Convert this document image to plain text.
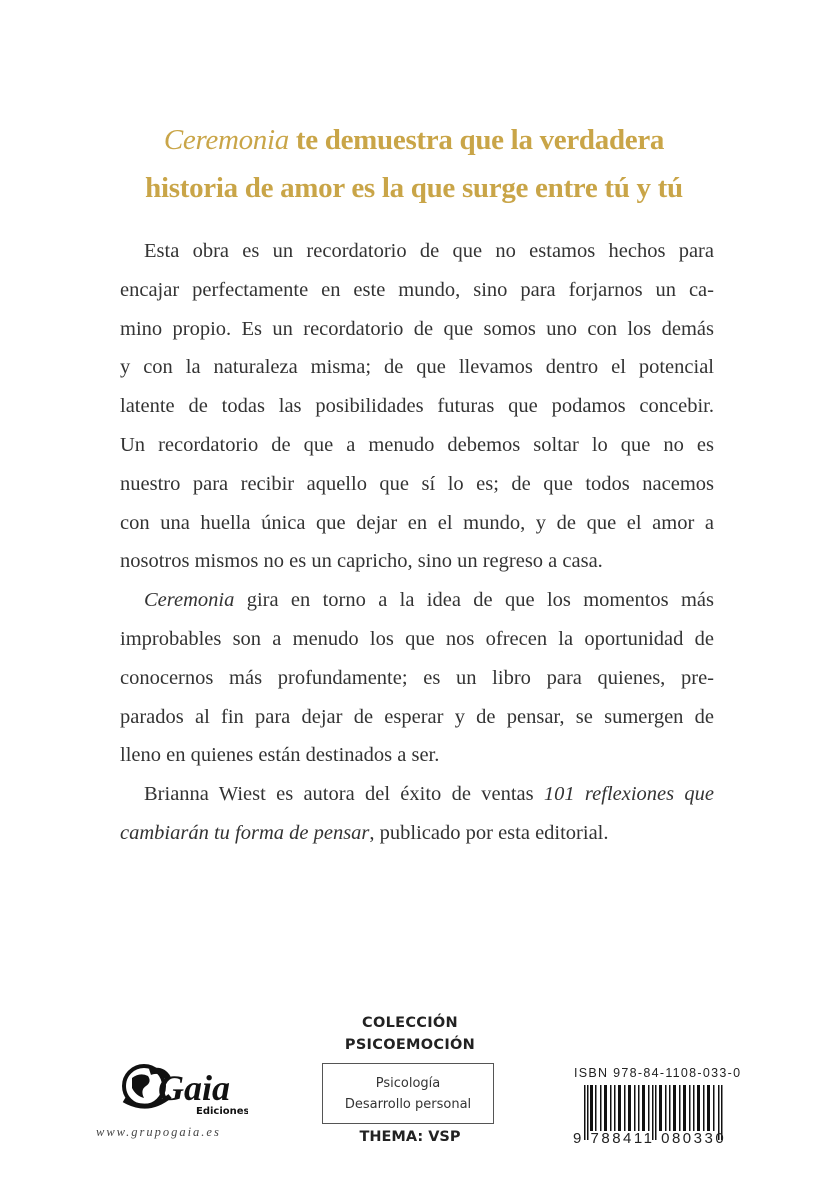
Ceremonia te demuestra que la verdadera
historia de amor es la que surge entre tú y tú
Esta obra es un recordatorio de que no estamos hechos para
encajar perfectamente en este mundo, sino para forjarnos un ca-
mino propio. Es un recordatorio de que somos uno con los demás
y con la naturaleza misma; de que llevamos dentro el potencial
latente de todas las posibilidades futuras que podamos concebir.
Un recordatorio de que a menudo debemos soltar lo que no es
nuestro para recibir aquello que sí lo es; de que todos nacemos
con una huella única que dejar en el mundo, y de que el amor a
nosotros mismos no es un capricho, sino un regreso a casa.
Ceremonia gira en torno a la idea de que los momentos más
improbables son a menudo los que nos ofrecen la oportunidad de
conocernos más profundamente; es un libro para quienes, pre-
parados al fin para dejar de esperar y de pensar, se sumergen de
lleno en quienes están destinados a ser.
Brianna Wiest es autora del éxito de ventas 101 reflexiones que
cambiarán tu forma de pensar, publicado por esta editorial.
Gaia
Ediciones
www.grupogaia.es
COLECCIÓN
PSICOEMOCIÓN
Psicología
Desarrollo personal
THEMA: VSP
ISBN 978-84-1108-033-0
9 788411 080330
